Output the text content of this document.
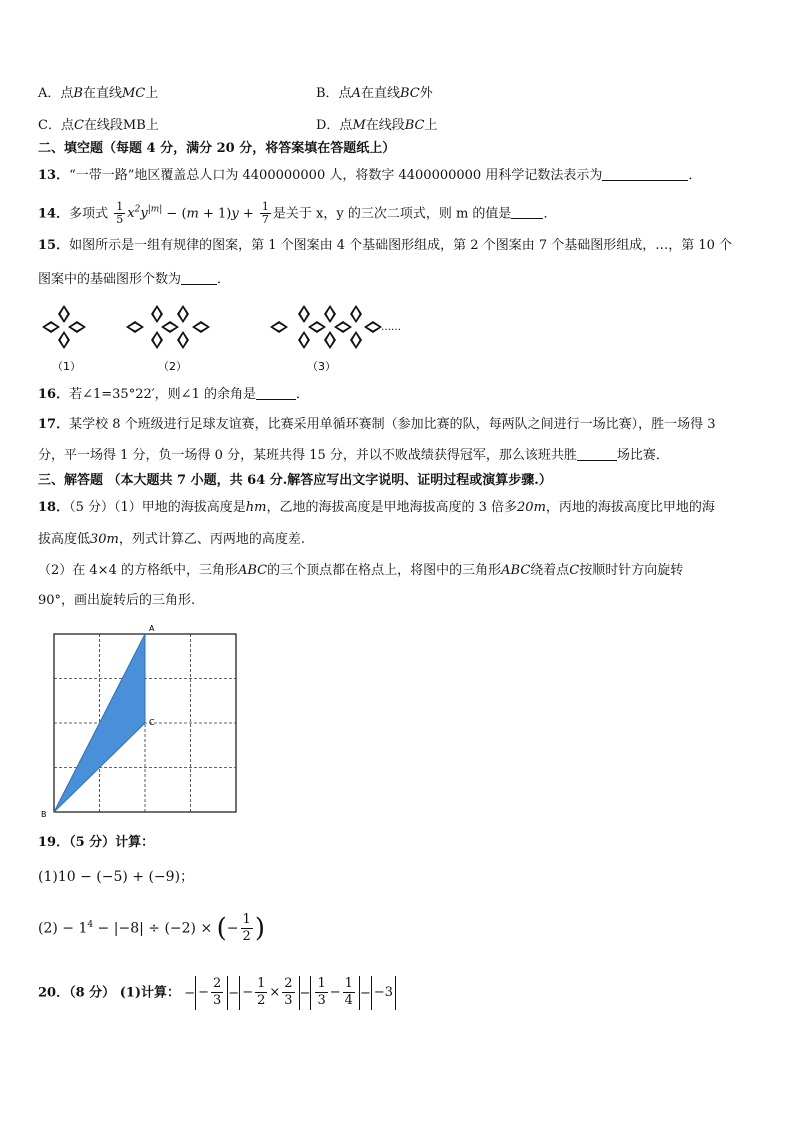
A．点B在直线MC上	B．点A在直线BC外
C．点C在线段MB上	D．点M在线段BC上
二、填空题（每题 4 分，满分 20 分，将答案填在答题纸上）
13．“一带一路”地区覆盖总人口为 4400000000 人，将数字 4400000000 用科学记数法表示为	．
14．多项式 $\frac{1}{5} x^2y^{|m|} - (m + 1)y + \frac{1}{7}$ 是关于 x，y 的三次二项式，则 m 的值是 ．
15．如图所示是一组有规律的图案，第 1 个图案由 4 个基础图形组成，第 2 个图案由 7 个基础图形组成，…，第 10 个
图案中的基础图形个数为	．
……
（1）	（2）	（3）
16．若∠1=35°22′，则∠1 的余角是	．
17．某学校 8 个班级进行足球友谊赛，比赛采用单循环赛制（参加比赛的队，每两队之间进行一场比赛），胜一场得 3
分，平一场得 1 分，负一场得 0 分，某班共得 15 分，并以不败战绩获得冠军，那么该班共胜	场比赛．
三、解答题 （本大题共 7 小题，共 64 分.解答应写出文字说明、证明过程或演算步骤.）
18．（5 分）（1）甲地的海拔高度是hm，乙地的海拔高度是甲地海拔高度的 3 倍多20m，丙地的海拔高度比甲地的海
拔高度低30m，列式计算乙、丙两地的高度差.
（2）在 4×4 的方格纸中，三角形ABC的三个顶点都在格点上，将图中的三角形ABC绕着点C按顺时针方向旋转
90°，画出旋转后的三角形.
A
B
C
19．（5 分）计算：
(1)10 − (−5) + (−9)；
$(2) - 1^4 - |-8| \div (-2)$ × (− $\frac{1}{2}$ )
20．（8 分） (1)计算： − − $\frac{2}{3}$ − − $\frac{1}{2} \times \frac{2}{3} - \frac{1}{3} - \frac{1}{4} - -3$
